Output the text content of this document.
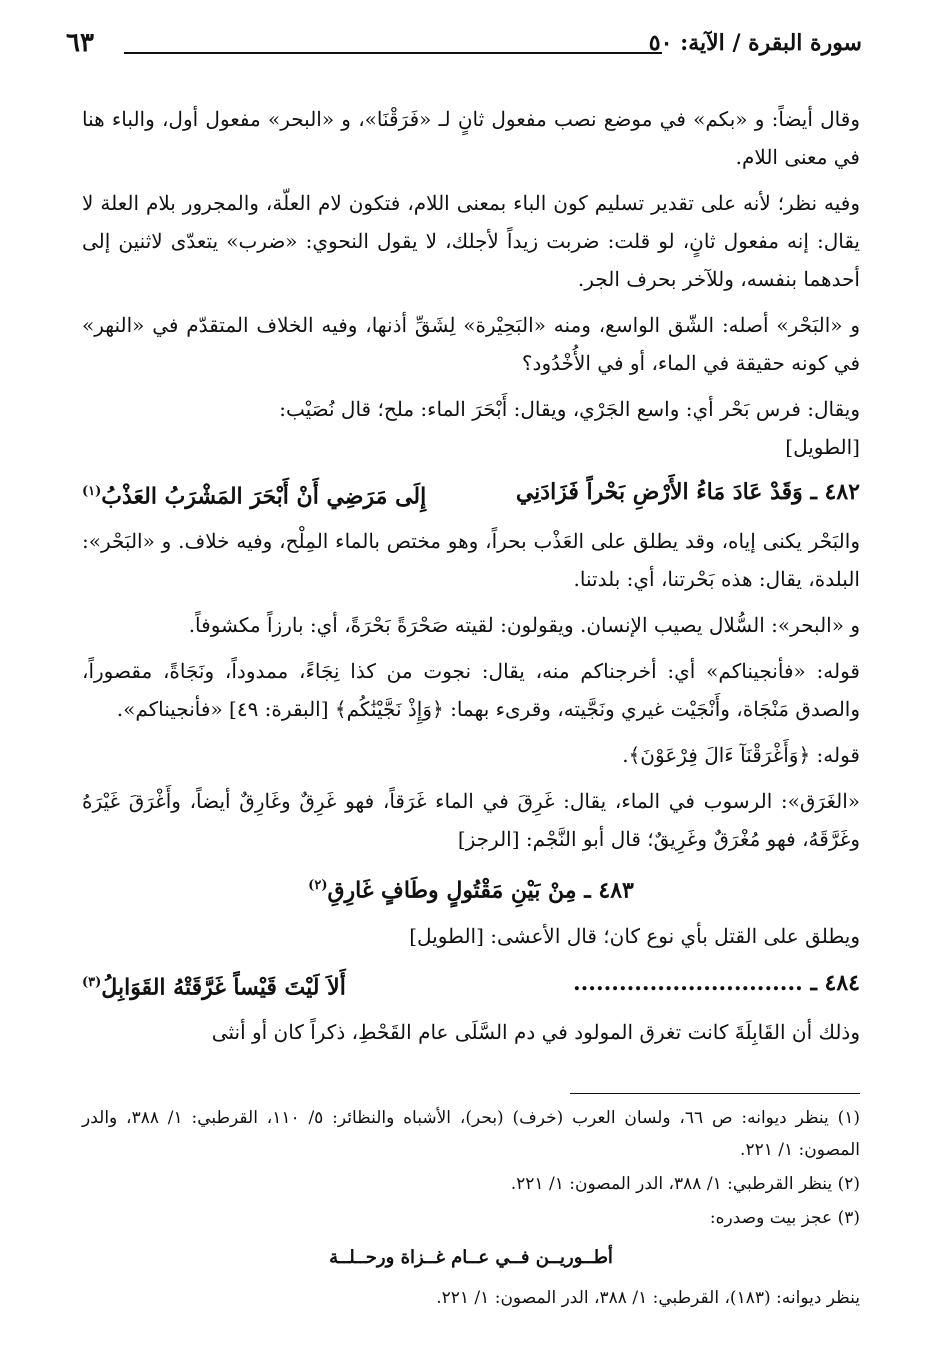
سورة البقرة / الآية: ٥٠
٦٣

وقال أيضاً: و «بكم» في موضع نصب مفعول ثانٍ لـ «فَرَقْنَا»، و «البحر» مفعول أول، والباء هنا في معنى اللام.

وفيه نظر؛ لأنه على تقدير تسليم كون الباء بمعنى اللام، فتكون لام العلّة، والمجرور بلام العلة لا يقال: إنه مفعول ثانٍ، لو قلت: ضربت زيداً لأجلك، لا يقول النحوي: «ضرب» يتعدّى لاثنين إلى أحدهما بنفسه، وللآخر بحرف الجر.

و «البَحْر» أصله: الشّق الواسع، ومنه «البَحِيْرة» لِشَقِّ أذنها، وفيه الخلاف المتقدّم في «النهر» في كونه حقيقة في الماء، أو في الأُخْدُود؟

ويقال: فرس بَحْر أي: واسع الجَرْي، ويقال: أَبْحَرَ الماء: ملح؛ قال نُصَيْب:

[الطويل]
٤٨٢ ـ وَقَدْ عَادَ مَاءُ الأَرْضِ بَحْراً فَزَادَنِي
إِلَى مَرَضِي أَنْ أَبْحَرَ المَشْرَبُ العَذْبُ$^{(١)}$

والبَحْر يكنى إياه، وقد يطلق على العَذْب بحراً، وهو مختص بالماء المِلْح، وفيه خلاف. و «البَحْر»: البلدة، يقال: هذه بَحْرتنا، أي: بلدتنا.

و «البحر»: السُّلال يصيب الإنسان. ويقولون: لقيته صَحْرَةً بَحْرَةً، أي: بارزاً مكشوفاً.

قوله: «فأنجيناكم» أي: أخرجناكم منه، يقال: نجوت من كذا نِجَاءً، ممدوداً، ونَجَاةً، مقصوراً، والصدق مَنْجَاة، وأَنْجَيْت غيري ونَجَّيته، وقرىء بهما: ﴿وَإِذْ نَجَّيْنَٰكُم﴾ [البقرة: ٤٩] «فأنجيناكم».

قوله: ﴿وَأَغْرَقْنَآ ءَالَ فِرْعَوْنَ﴾.

«الغَرَق»: الرسوب في الماء، يقال: غَرِقَ في الماء غَرَقاً، فهو غَرِقٌ وغَارِقٌ أيضاً، وأَغْرَقَ غَيْرَهُ وغَرَّقَهُ، فهو مُغْرَقٌ وغَرِيقٌ؛ قال أبو النَّجْم: [الرجز]

٤٨٣ ـ مِنْ بَيْنِ مَقْتُولٍ وطَافٍ غَارِقِ$^{(٢)}$

ويطلق على القتل بأي نوع كان؛ قال الأعشى: [الطويل]

٤٨٤ ـ ..............................
أَلاَ لَيْتَ قَيْساً غَرَّقَتْهُ القَوَابِلُ$^{(٣)}$

وذلك أن القَابِلَةَ كانت تغرق المولود في دم السَّلَى عام القَحْطِ، ذكراً كان أو أنثى

(١) ينظر ديوانه: ص ٦٦، ولسان العرب (خرف) (بحر)، الأشباه والنظائر: ٥/ ١١٠، القرطبي: ١/ ٣٨٨، والدر المصون: ١/ ٢٢١.

(٢) ينظر القرطبي: ١/ ٣٨٨، الدر المصون: ١/ ٢٢١.

(٣) عجز بيت وصدره:

أطــوريــن فــي عــام غــزاة ورحــلــة

ينظر ديوانه: (١٨٣)، القرطبي: ١/ ٣٨٨، الدر المصون: ١/ ٢٢١.
